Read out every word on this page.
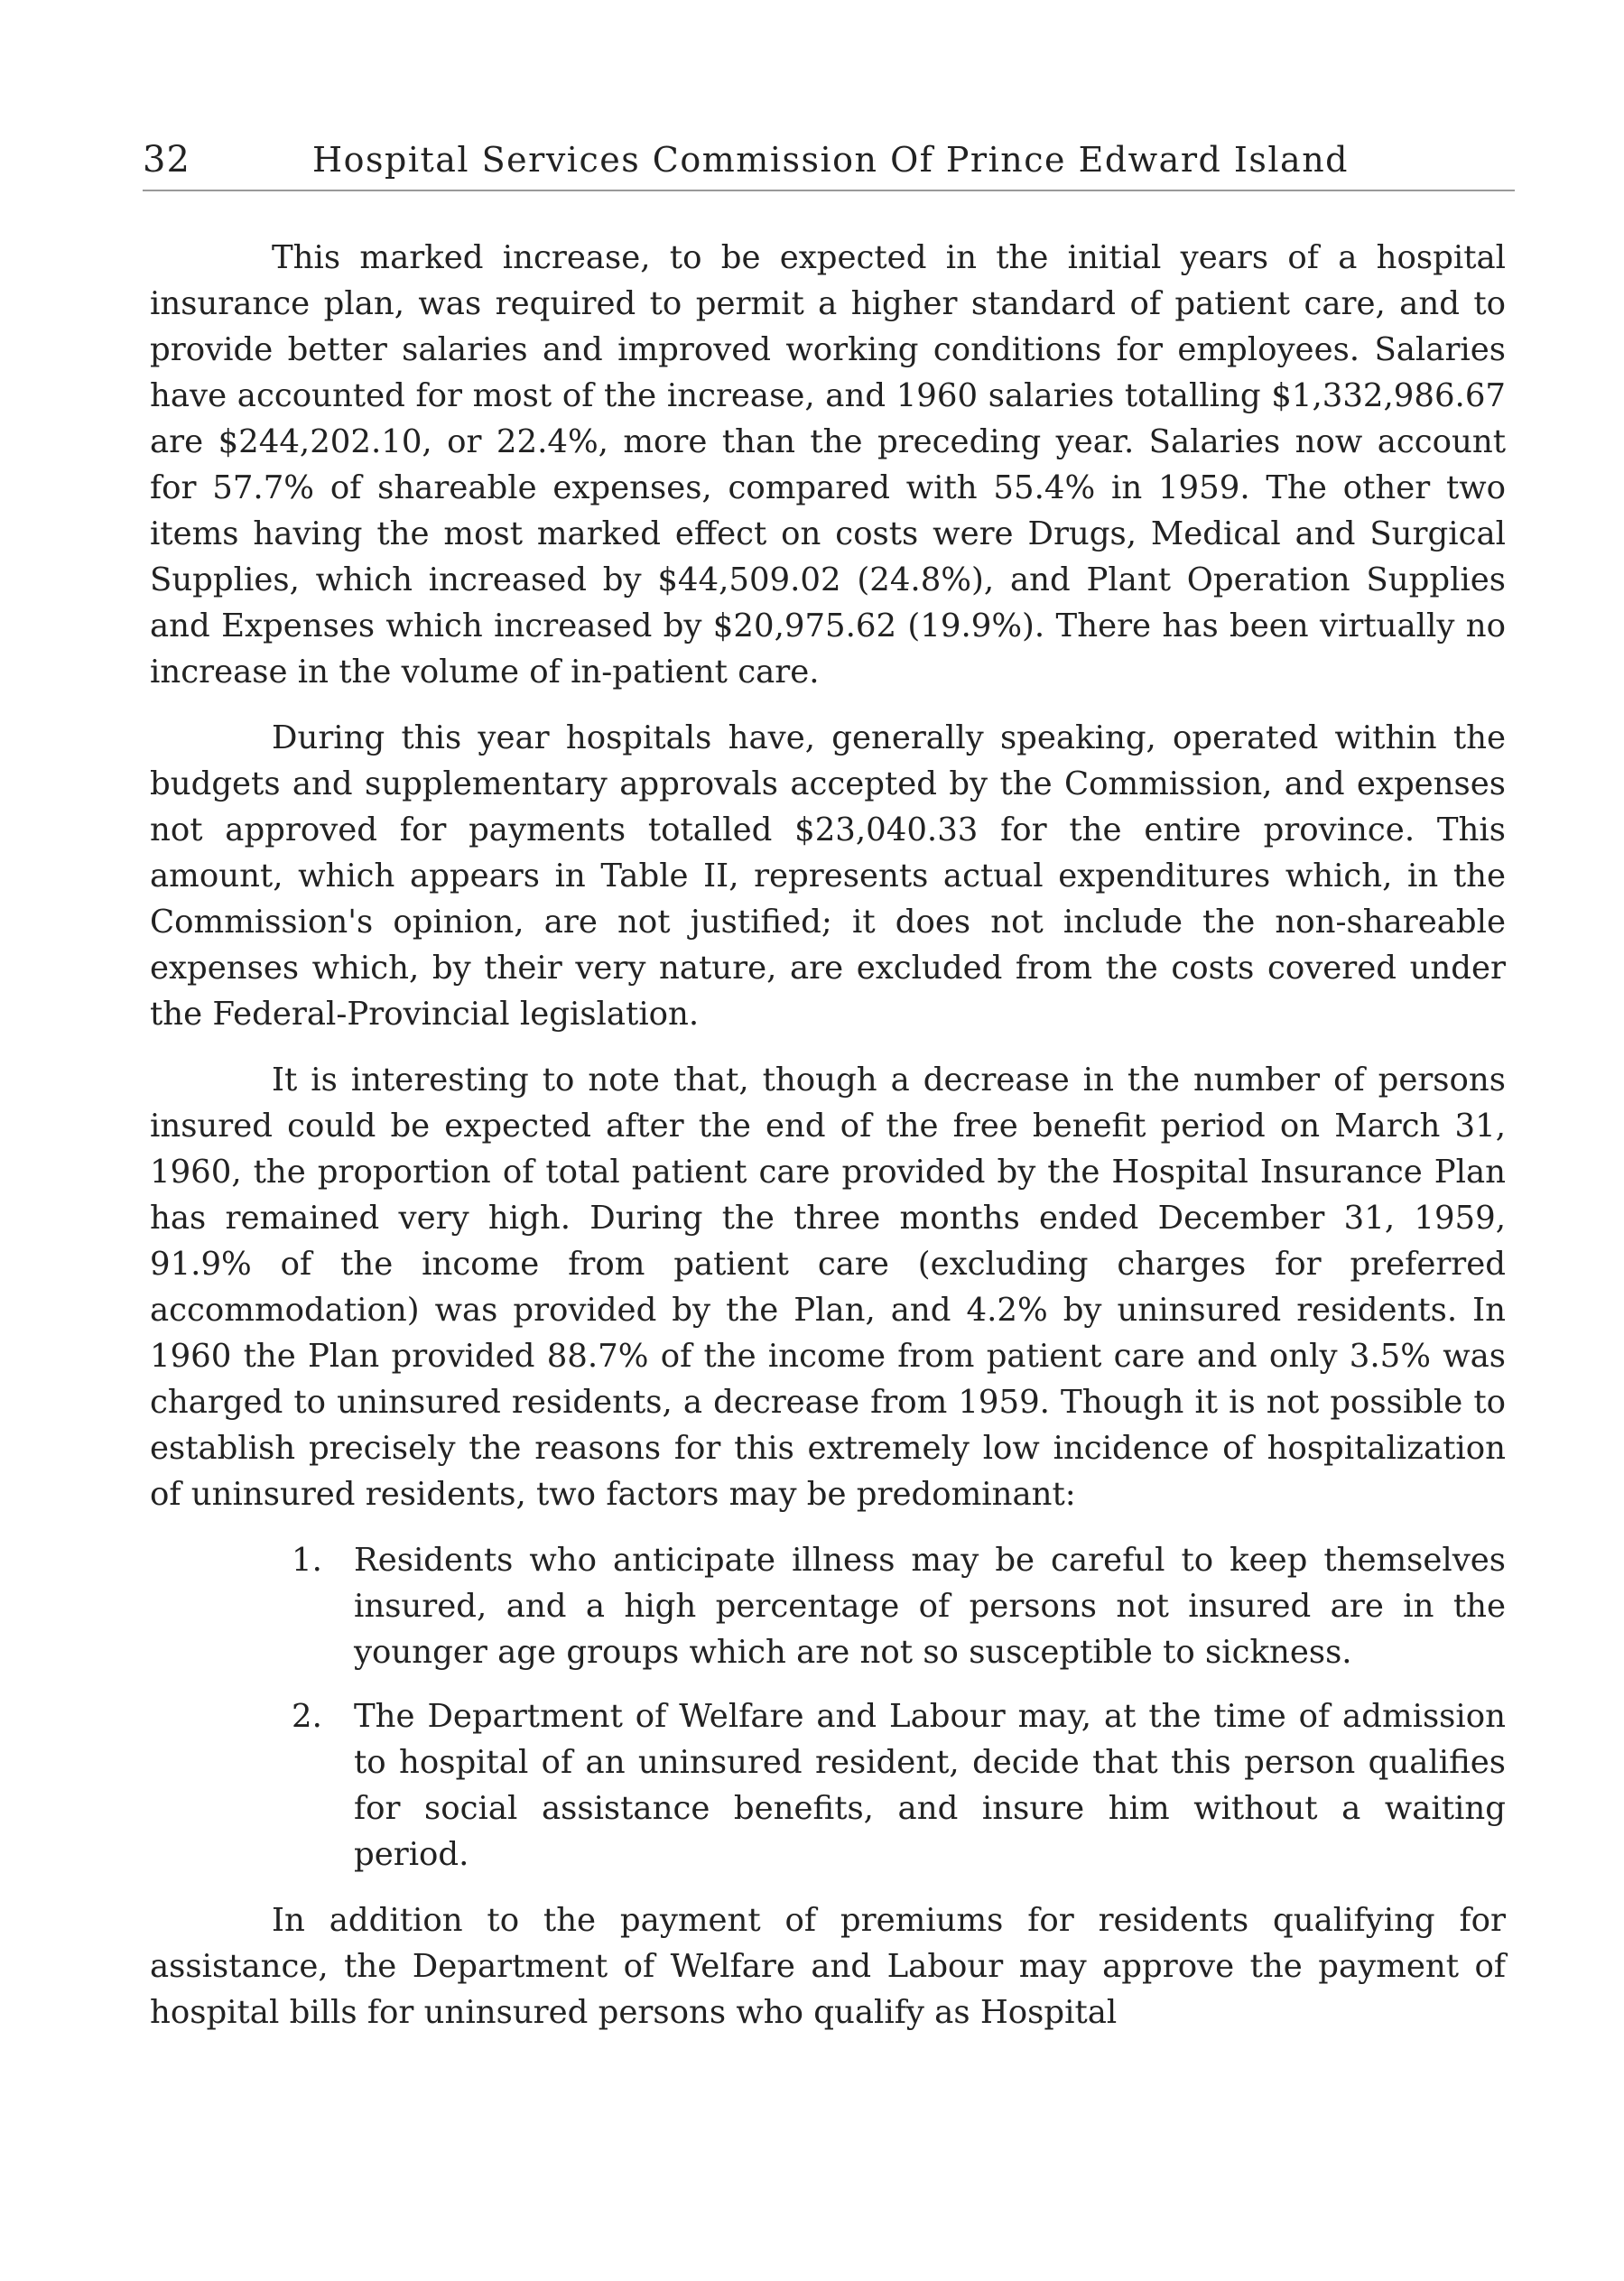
32	Hospital Services Commission Of Prince Edward Island

This marked increase, to be expected in the initial years of a hospital insurance plan, was required to permit a higher standard of patient care, and to provide better salaries and improved working conditions for employees. Salaries have accounted for most of the increase, and 1960 salaries totalling $1,332,986.67 are $244,202.10, or 22.4%, more than the preceding year. Salaries now account for 57.7% of shareable expenses, compared with 55.4% in 1959. The other two items having the most marked effect on costs were Drugs, Medical and Surgical Supplies, which increased by $44,509.02 (24.8%), and Plant Operation Supplies and Expenses which increased by $20,975.62 (19.9%). There has been virtually no increase in the volume of in-patient care.

During this year hospitals have, generally speaking, operated within the budgets and supplementary approvals accepted by the Commission, and expenses not approved for payments totalled $23,040.33 for the entire province. This amount, which appears in Table II, represents actual expenditures which, in the Commission's opinion, are not justified; it does not include the non-shareable expenses which, by their very nature, are excluded from the costs covered under the Federal-Provincial legislation.

It is interesting to note that, though a decrease in the number of persons insured could be expected after the end of the free benefit period on March 31, 1960, the proportion of total patient care provided by the Hospital Insurance Plan has remained very high. During the three months ended December 31, 1959, 91.9% of the income from patient care (excluding charges for preferred accommodation) was provided by the Plan, and 4.2% by uninsured residents. In 1960 the Plan provided 88.7% of the income from patient care and only 3.5% was charged to uninsured residents, a decrease from 1959. Though it is not possible to establish precisely the reasons for this extremely low incidence of hospitalization of uninsured residents, two factors may be predominant:

1. Residents who anticipate illness may be careful to keep themselves insured, and a high percentage of persons not insured are in the younger age groups which are not so susceptible to sickness.
2. The Department of Welfare and Labour may, at the time of admission to hospital of an uninsured resident, decide that this person qualifies for social assistance benefits, and insure him without a waiting period.

In addition to the payment of premiums for residents qualifying for assistance, the Department of Welfare and Labour may approve the payment of hospital bills for uninsured persons who qualify as Hospital
